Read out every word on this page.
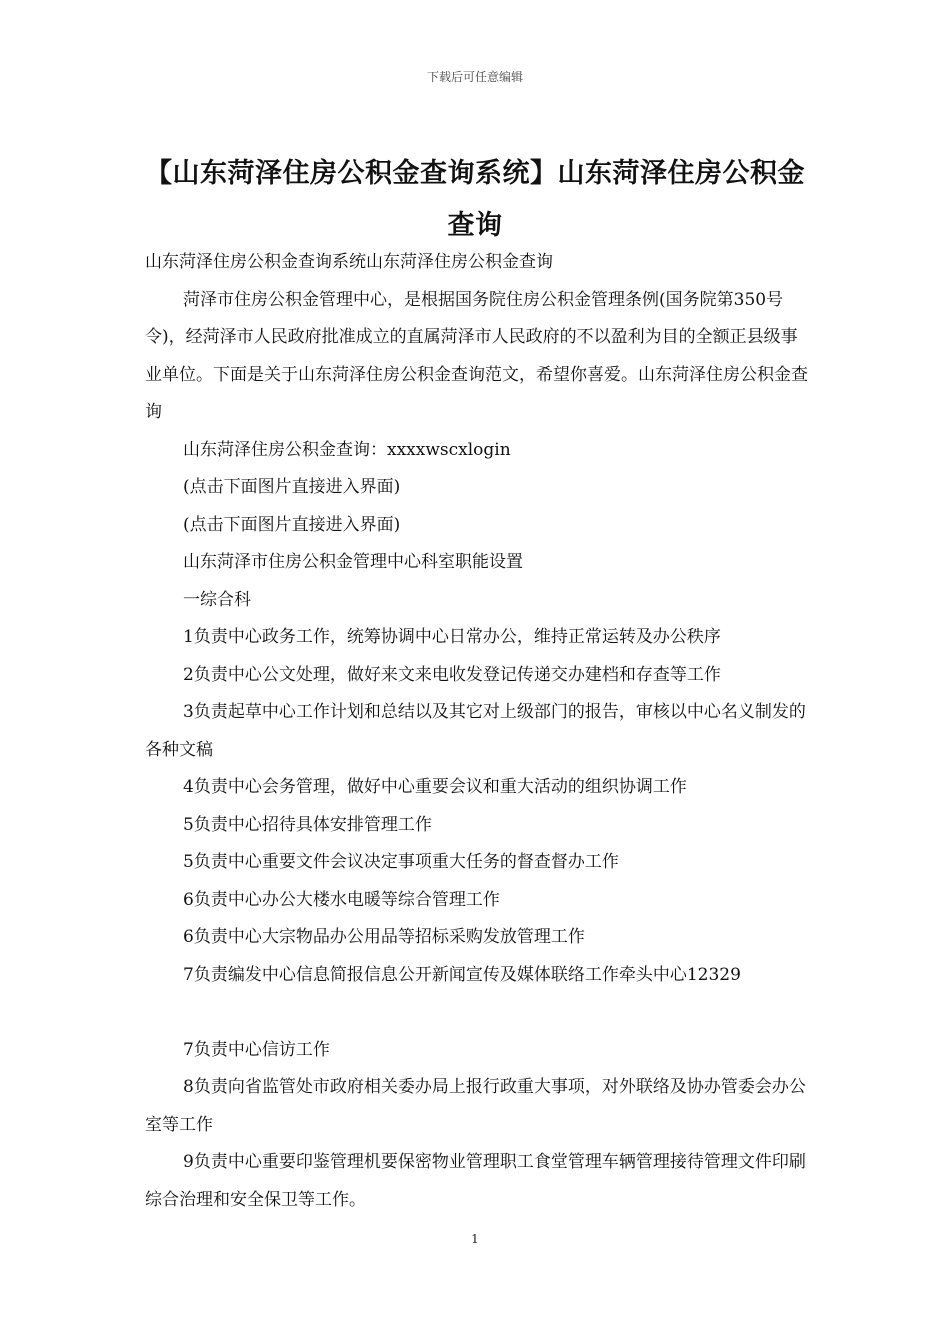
下载后可任意编辑
【山东菏泽住房公积金查询系统】山东菏泽住房公积金查询

山东菏泽住房公积金查询系统山东菏泽住房公积金查询

菏泽市住房公积金管理中心，是根据国务院住房公积金管理条例(国务院第350号令)，经菏泽市人民政府批准成立的直属菏泽市人民政府的不以盈利为目的全额正县级事业单位。下面是关于山东菏泽住房公积金查询范文，希望你喜爱。山东菏泽住房公积金查询

山东菏泽住房公积金查询：xxxxwscxlogin

(点击下面图片直接进入界面)

(点击下面图片直接进入界面)

山东菏泽市住房公积金管理中心科室职能设置

一综合科

1负责中心政务工作，统筹协调中心日常办公，维持正常运转及办公秩序

2负责中心公文处理，做好来文来电收发登记传递交办建档和存查等工作

3负责起草中心工作计划和总结以及其它对上级部门的报告，审核以中心名义制发的各种文稿

4负责中心会务管理，做好中心重要会议和重大活动的组织协调工作

5负责中心招待具体安排管理工作

5负责中心重要文件会议决定事项重大任务的督查督办工作

6负责中心办公大楼水电暖等综合管理工作

6负责中心大宗物品办公用品等招标采购发放管理工作

7负责编发中心信息简报信息公开新闻宣传及媒体联络工作牵头中心12329

7负责中心信访工作

8负责向省监管处市政府相关委办局上报行政重大事项，对外联络及协办管委会办公室等工作

9负责中心重要印鉴管理机要保密物业管理职工食堂管理车辆管理接待管理文件印刷综合治理和安全保卫等工作。

1
